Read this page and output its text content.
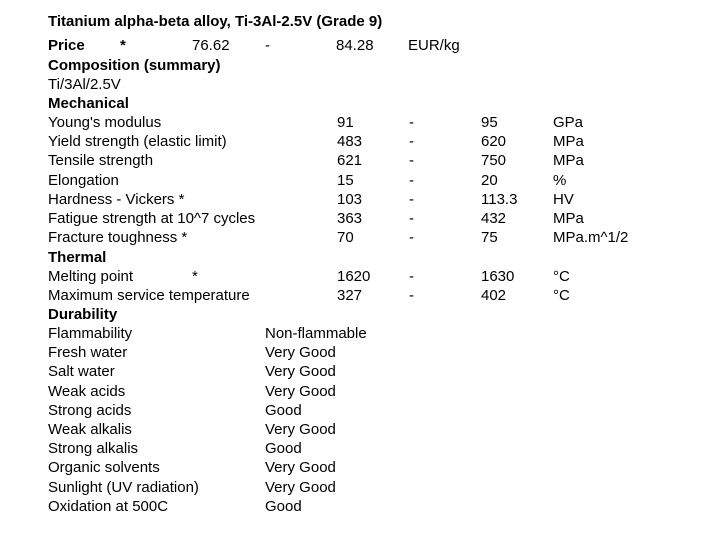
Titanium alpha-beta alloy, Ti-3Al-2.5V (Grade 9)
Price *	76.62 -	84.28 EUR/kg
Composition (summary)
Ti/3Al/2.5V
Mechanical
Young's modulus	91	-	95	GPa
Yield strength (elastic limit)	483	-	620	MPa
Tensile strength	621	-	750	MPa
Elongation	15	-	20	%
Hardness - Vickers *	103	-	113.3 HV
Fatigue strength at 10^7 cycles	363	-	432	MPa
Fracture toughness *	70	-	75	MPa.m^1/2
Thermal
Melting point	*	1620	-	1630	°C
Maximum service temperature	327	-	402	°C
Durability
Flammability	Non-flammable
Fresh water	Very Good
Salt water	Very Good
Weak acids	Very Good
Strong acids	Good
Weak alkalis	Very Good
Strong alkalis	Good
Organic solvents	Very Good
Sunlight (UV radiation)	Very Good
Oxidation at 500C	Good
